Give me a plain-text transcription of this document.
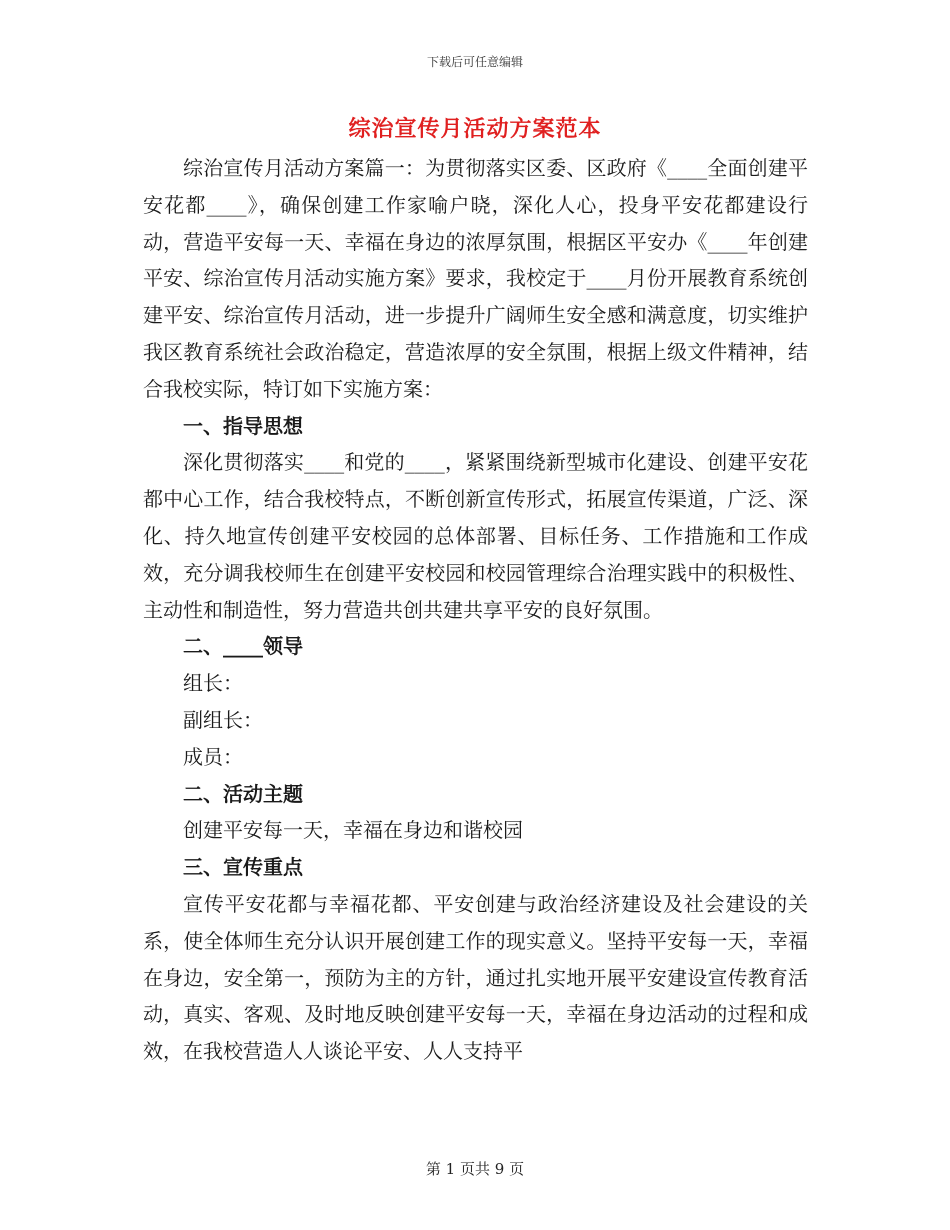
下载后可任意编辑
综治宣传月活动方案范本

综治宣传月活动方案篇一：为贯彻落实区委、区政府《____全面创建平安花都____》，确保创建工作家喻户晓，深化人心，投身平安花都建设行动，营造平安每一天、幸福在身边的浓厚氛围，根据区平安办《____年创建平安、综治宣传月活动实施方案》要求，我校定于____月份开展教育系统创建平安、综治宣传月活动，进一步提升广阔师生安全感和满意度，切实维护我区教育系统社会政治稳定，营造浓厚的安全氛围，根据上级文件精神，结合我校实际，特订如下实施方案：

一、指导思想

深化贯彻落实____和党的____，紧紧围绕新型城市化建设、创建平安花都中心工作，结合我校特点，不断创新宣传形式，拓展宣传渠道，广泛、深化、持久地宣传创建平安校园的总体部署、目标任务、工作措施和工作成效，充分调我校师生在创建平安校园和校园管理综合治理实践中的积极性、主动性和制造性，努力营造共创共建共享平安的良好氛围。

二、____领导
组长：
副组长：
成员：
二、活动主题
创建平安每一天，幸福在身边和谐校园
三、宣传重点

宣传平安花都与幸福花都、平安创建与政治经济建设及社会建设的关系，使全体师生充分认识开展创建工作的现实意义。坚持平安每一天，幸福在身边，安全第一，预防为主的方针，通过扎实地开展平安建设宣传教育活动，真实、客观、及时地反映创建平安每一天，幸福在身边活动的过程和成效，在我校营造人人谈论平安、人人支持平

第 1 页共 9 页
